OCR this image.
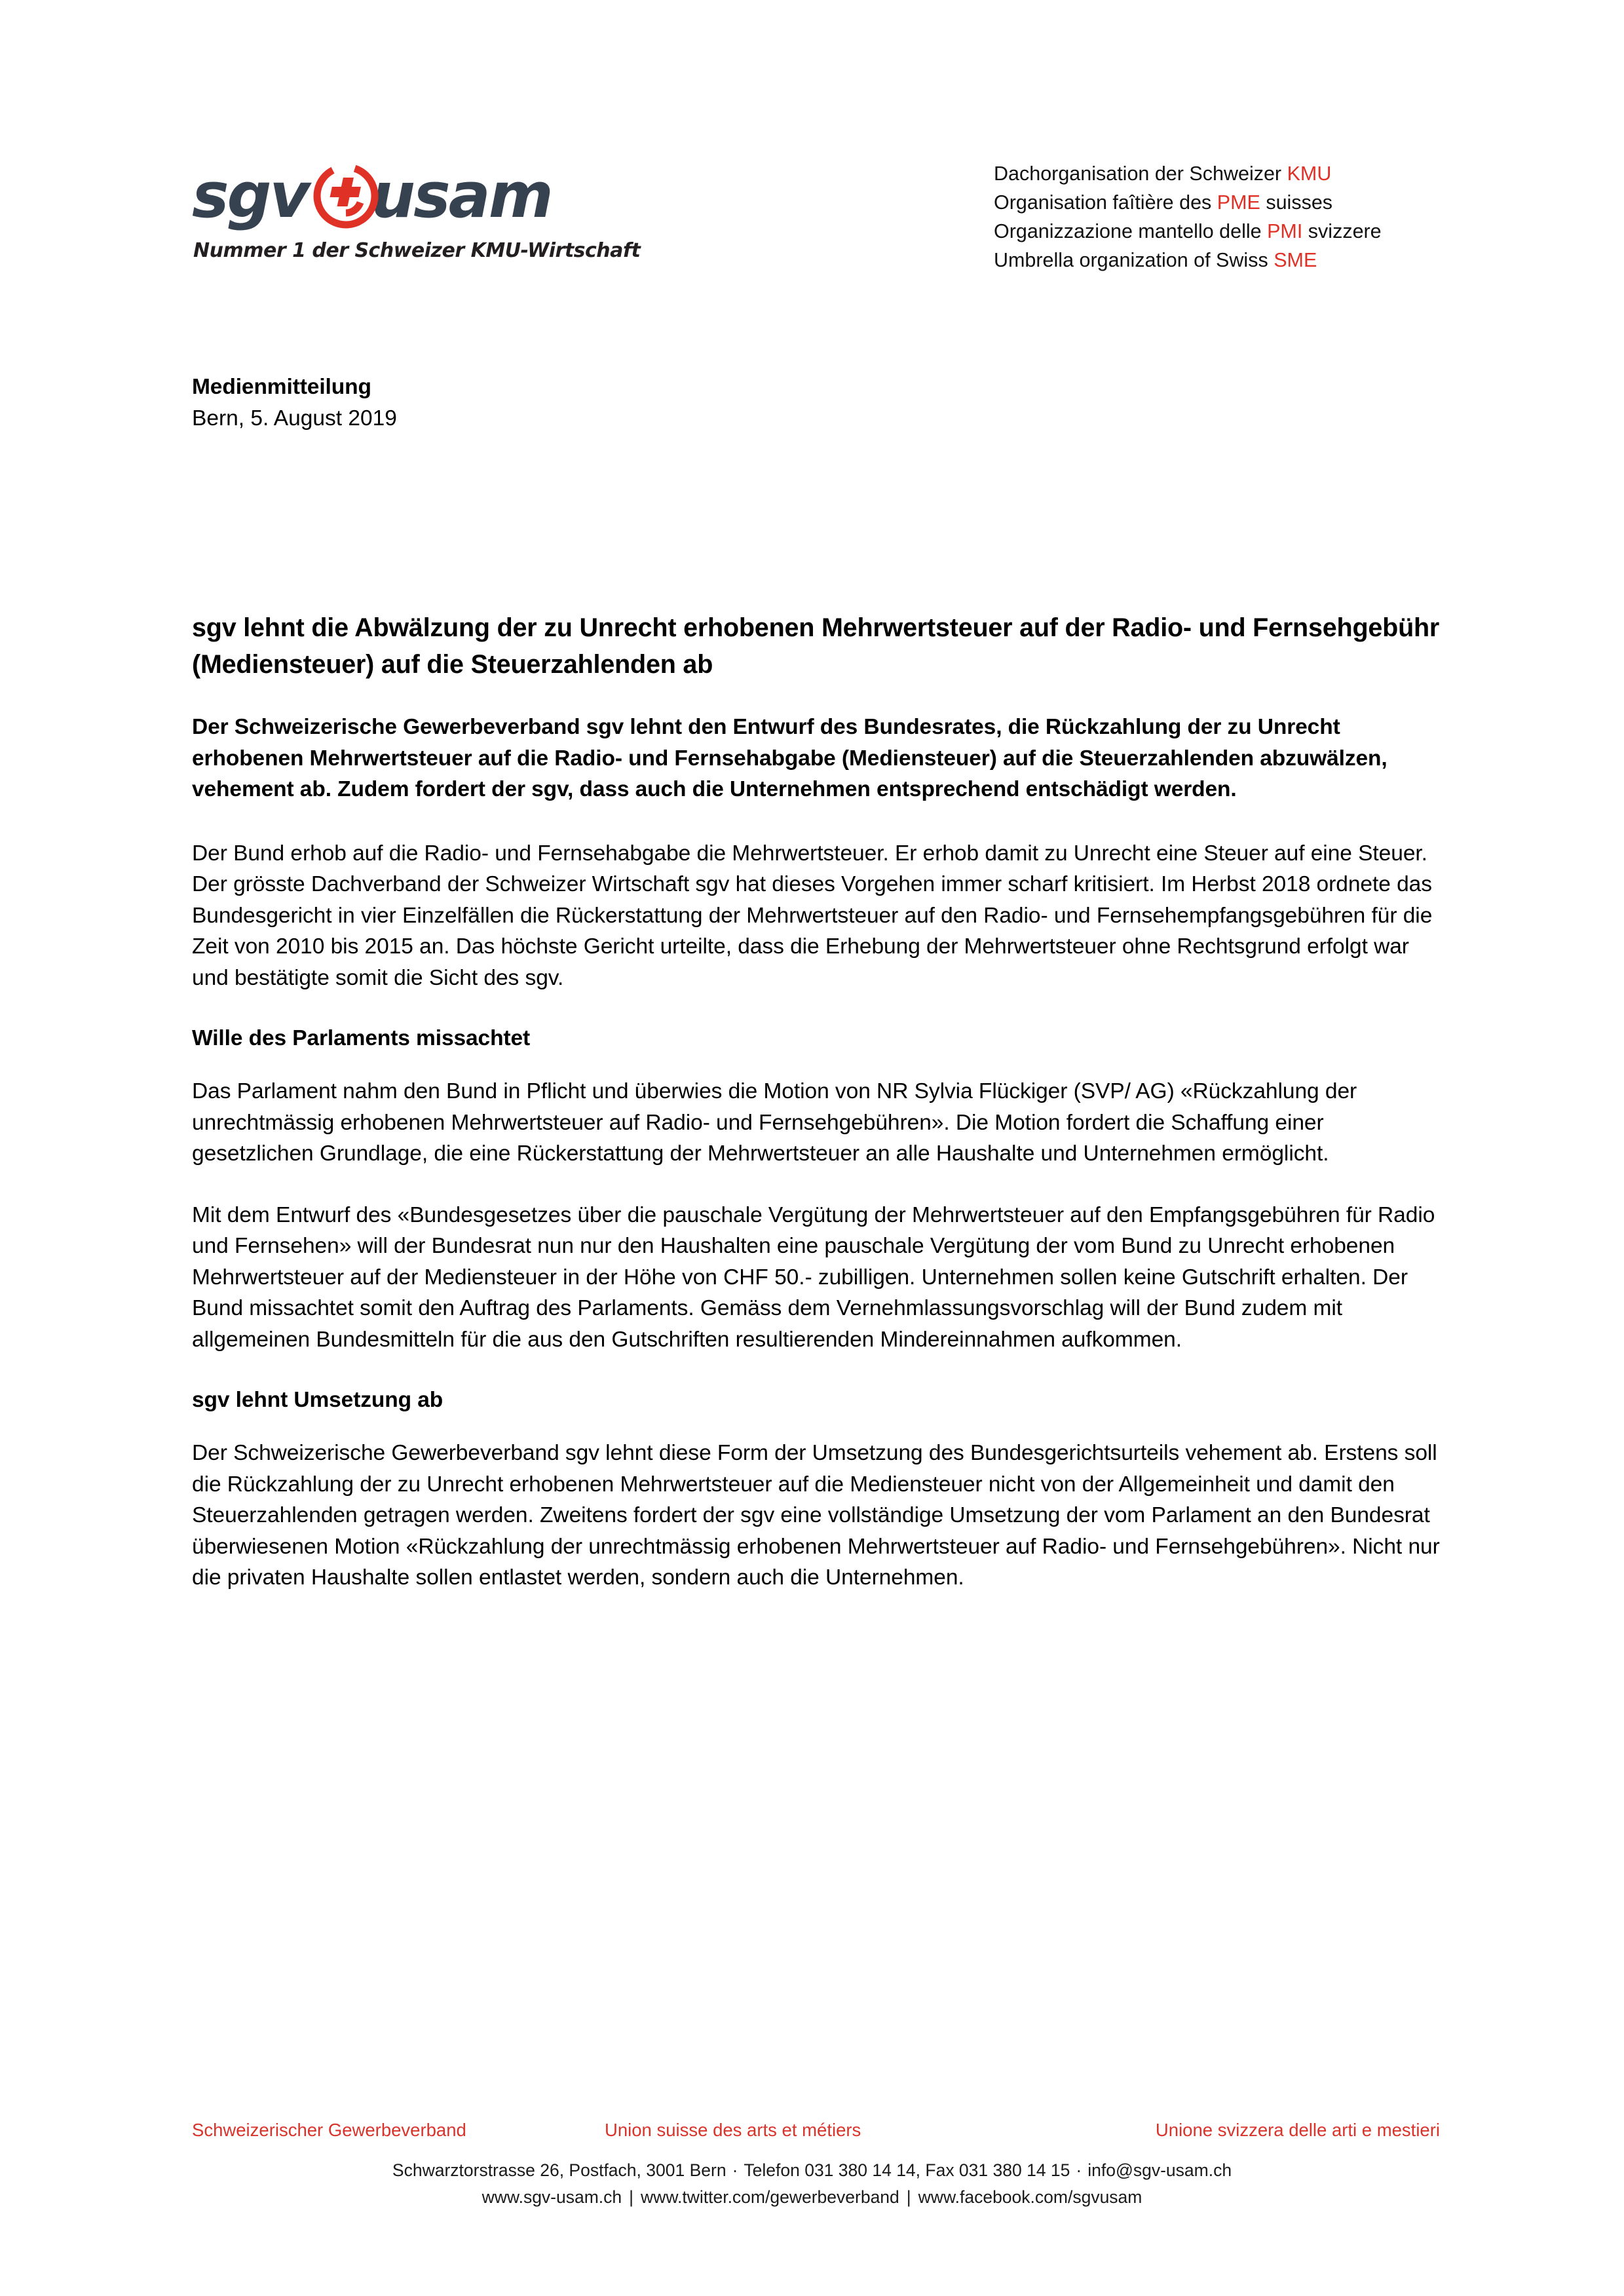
sgv usam
Nummer 1 der Schweizer KMU-Wirtschaft
Dachorganisation der Schweizer KMU
Organisation faîtière des PME suisses
Organizzazione mantello delle PMI svizzere
Umbrella organization of Swiss SME
Medienmitteilung
Bern, 5. August 2019
sgv lehnt die Abwälzung der zu Unrecht erhobenen Mehrwertsteuer auf der Radio- und Fernsehgebühr (Mediensteuer) auf die Steuerzahlenden ab

Der Schweizerische Gewerbeverband sgv lehnt den Entwurf des Bundesrates, die Rückzahlung der zu Unrecht erhobenen Mehrwertsteuer auf die Radio- und Fernsehabgabe (Mediensteuer) auf die Steuerzahlenden abzuwälzen, vehement ab. Zudem fordert der sgv, dass auch die Unternehmen entsprechend entschädigt werden.

Der Bund erhob auf die Radio- und Fernsehabgabe die Mehrwertsteuer. Er erhob damit zu Unrecht eine Steuer auf eine Steuer. Der grösste Dachverband der Schweizer Wirtschaft sgv hat dieses Vorgehen immer scharf kritisiert. Im Herbst 2018 ordnete das Bundesgericht in vier Einzelfällen die Rückerstattung der Mehrwertsteuer auf den Radio- und Fernsehempfangsgebühren für die Zeit von 2010 bis 2015 an. Das höchste Gericht urteilte, dass die Erhebung der Mehrwertsteuer ohne Rechtsgrund erfolgt war und bestätigte somit die Sicht des sgv.

Wille des Parlaments missachtet

Das Parlament nahm den Bund in Pflicht und überwies die Motion von NR Sylvia Flückiger (SVP/ AG) «Rückzahlung der unrechtmässig erhobenen Mehrwertsteuer auf Radio- und Fernsehgebühren». Die Motion fordert die Schaffung einer gesetzlichen Grundlage, die eine Rückerstattung der Mehrwertsteuer an alle Haushalte und Unternehmen ermöglicht.

Mit dem Entwurf des «Bundesgesetzes über die pauschale Vergütung der Mehrwertsteuer auf den Empfangsgebühren für Radio und Fernsehen» will der Bundesrat nun nur den Haushalten eine pauschale Vergütung der vom Bund zu Unrecht erhobenen Mehrwertsteuer auf der Mediensteuer in der Höhe von CHF 50.- zubilligen. Unternehmen sollen keine Gutschrift erhalten. Der Bund missachtet somit den Auftrag des Parlaments. Gemäss dem Vernehmlassungsvorschlag will der Bund zudem mit allgemeinen Bundesmitteln für die aus den Gutschriften resultierenden Mindereinnahmen aufkommen.

sgv lehnt Umsetzung ab

Der Schweizerische Gewerbeverband sgv lehnt diese Form der Umsetzung des Bundesgerichtsurteils vehement ab. Erstens soll die Rückzahlung der zu Unrecht erhobenen Mehrwertsteuer auf die Mediensteuer nicht von der Allgemeinheit und damit den Steuerzahlenden getragen werden. Zweitens fordert der sgv eine vollständige Umsetzung der vom Parlament an den Bundesrat überwiesenen Motion «Rückzahlung der unrechtmässig erhobenen Mehrwertsteuer auf Radio- und Fernsehgebühren». Nicht nur die privaten Haushalte sollen entlastet werden, sondern auch die Unternehmen.

Schweizerischer Gewerbeverband	Union suisse des arts et métiers	Unione svizzera delle arti e mestieri
Schwarztorstrasse 26, Postfach, 3001 Bern · Telefon 031 380 14 14, Fax 031 380 14 15 · info@sgv-usam.ch
www.sgv-usam.ch | www.twitter.com/gewerbeverband | www.facebook.com/sgvusam
